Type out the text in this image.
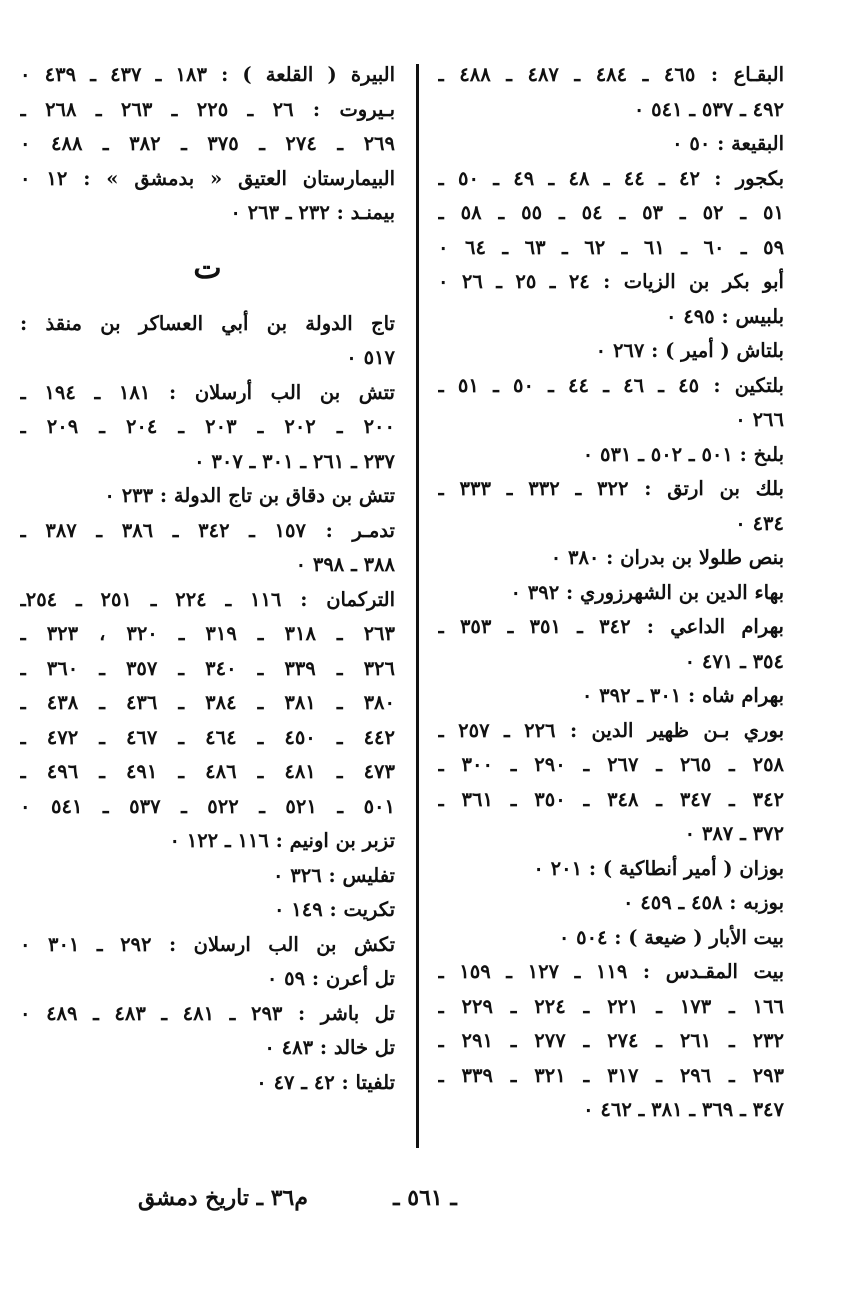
البقـاع : ٤٦٥ ـ ٤٨٤ ـ ٤٨٧ ـ ٤٨٨ ـ
٤٩٢ ـ ٥٣٧ ـ ٥٤١ ٠
البقيعة : ٥٠ ٠
بكجور : ٤٢ ـ ٤٤ ـ ٤٨ ـ ٤٩ ـ ٥٠ ـ
٥١ ـ ٥٢ ـ ٥٣ ـ ٥٤ ـ ٥٥ ـ ٥٨ ـ
٥٩ ـ ٦٠ ـ ٦١ ـ ٦٢ ـ ٦٣ ـ ٦٤ ٠
أبو بكر بن الزيات : ٢٤ ـ ٢٥ ـ ٢٦ ٠
بلبيس : ٤٩٥ ٠
بلتاش ( أمير ) : ٢٦٧ ٠
بلتكين : ٤٥ ـ ٤٦ ـ ٤٤ ـ ٥٠ ـ ٥١ ـ
٢٦٦ ٠
بلىخ : ٥٠١ ـ ٥٠٢ ـ ٥٣١ ٠
بلك بن ارتق : ٣٢٢ ـ ٣٣٢ ـ ٣٣٣ ـ
٤٣٤ ٠
بنص طلولا بن بدران : ٣٨٠ ٠
بهاء الدين بن الشهرزوري : ٣٩٢ ٠
بهرام الداعي : ٣٤٢ ـ ٣٥١ ـ ٣٥٣ ـ
٣٥٤ ـ ٤٧١ ٠
بهرام شاه : ٣٠١ ـ ٣٩٢ ٠
بوري بـن ظهير الدين : ٢٢٦ ـ ٢٥٧ ـ
٢٥٨ ـ ٢٦٥ ـ ٢٦٧ ـ ٢٩٠ ـ ٣٠٠ ـ
٣٤٢ ـ ٣٤٧ ـ ٣٤٨ ـ ٣٥٠ ـ ٣٦١ ـ
٣٧٢ ـ ٣٨٧ ٠
بوزان ( أمير أنطاكية ) : ٢٠١ ٠
بوزبه : ٤٥٨ ـ ٤٥٩ ٠
بيت الأبار ( ضيعة ) : ٥٠٤ ٠
بيت المقـدس : ١١٩ ـ ١٢٧ ـ ١٥٩ ـ
١٦٦ ـ ١٧٣ ـ ٢٢١ ـ ٢٢٤ ـ ٢٢٩ ـ
٢٣٢ ـ ٢٦١ ـ ٢٧٤ ـ ٢٧٧ ـ ٢٩١ ـ
٢٩٣ ـ ٢٩٦ ـ ٣١٧ ـ ٣٢١ ـ ٣٣٩ ـ
٣٤٧ ـ ٣٦٩ ـ ٣٨١ ـ ٤٦٢ ٠
البيرة ( القلعة ) : ١٨٣ ـ ٤٣٧ ـ ٤٣٩ ٠
بـيروت : ٢٦ ـ ٢٢٥ ـ ٢٦٣ ـ ٢٦٨ ـ
٢٦٩ ـ ٢٧٤ ـ ٣٧٥ ـ ٣٨٢ ـ ٤٨٨ ٠
البيمارستان العتيق « بدمشق » : ١٢ ٠
بيمنـد : ٢٣٢ ـ ٢٦٣ ٠
ت
تاج الدولة بن أبي العساكر بن منقذ :
٥١٧ ٠
تتش بن الب أرسلان : ١٨١ ـ ١٩٤ ـ
٢٠٠ ـ ٢٠٢ ـ ٢٠٣ ـ ٢٠٤ ـ ٢٠٩ ـ
٢٣٧ ـ ٢٦١ ـ ٣٠١ ـ ٣٠٧ ٠
تتش بن دقاق بن تاج الدولة : ٢٣٣ ٠
تدمـر : ١٥٧ ـ ٣٤٢ ـ ٣٨٦ ـ ٣٨٧ ـ
٣٨٨ ـ ٣٩٨ ٠
التركمان : ١١٦ ـ ٢٢٤ ـ ٢٥١ ـ ٢٥٤ـ
٢٦٣ ـ ٣١٨ ـ ٣١٩ ـ ٣٢٠ ، ٣٢٣ ـ
٣٢٦ ـ ٣٣٩ ـ ٣٤٠ ـ ٣٥٧ ـ ٣٦٠ ـ
٣٨٠ ـ ٣٨١ ـ ٣٨٤ ـ ٤٣٦ ـ ٤٣٨ ـ
٤٤٢ ـ ٤٥٠ ـ ٤٦٤ ـ ٤٦٧ ـ ٤٧٢ ـ
٤٧٣ ـ ٤٨١ ـ ٤٨٦ ـ ٤٩١ ـ ٤٩٦ ـ
٥٠١ ـ ٥٢١ ـ ٥٢٢ ـ ٥٣٧ ـ ٥٤١ ٠
تزبر بن اونيم : ١١٦ ـ ١٢٢ ٠
تفليس : ٣٢٦ ٠
تكريت : ١٤٩ ٠
تكش بن الب ارسلان : ٢٩٢ ـ ٣٠١ ٠
تل أعرن : ٥٩ ٠
تل باشر : ٢٩٣ ـ ٤٨١ ـ ٤٨٣ ـ ٤٨٩ ٠
تل خالد : ٤٨٣ ٠
تلفيتا : ٤٢ ـ ٤٧ ٠
ـ ٥٦١ ـ
م٣٦ ـ تاريخ دمشق
